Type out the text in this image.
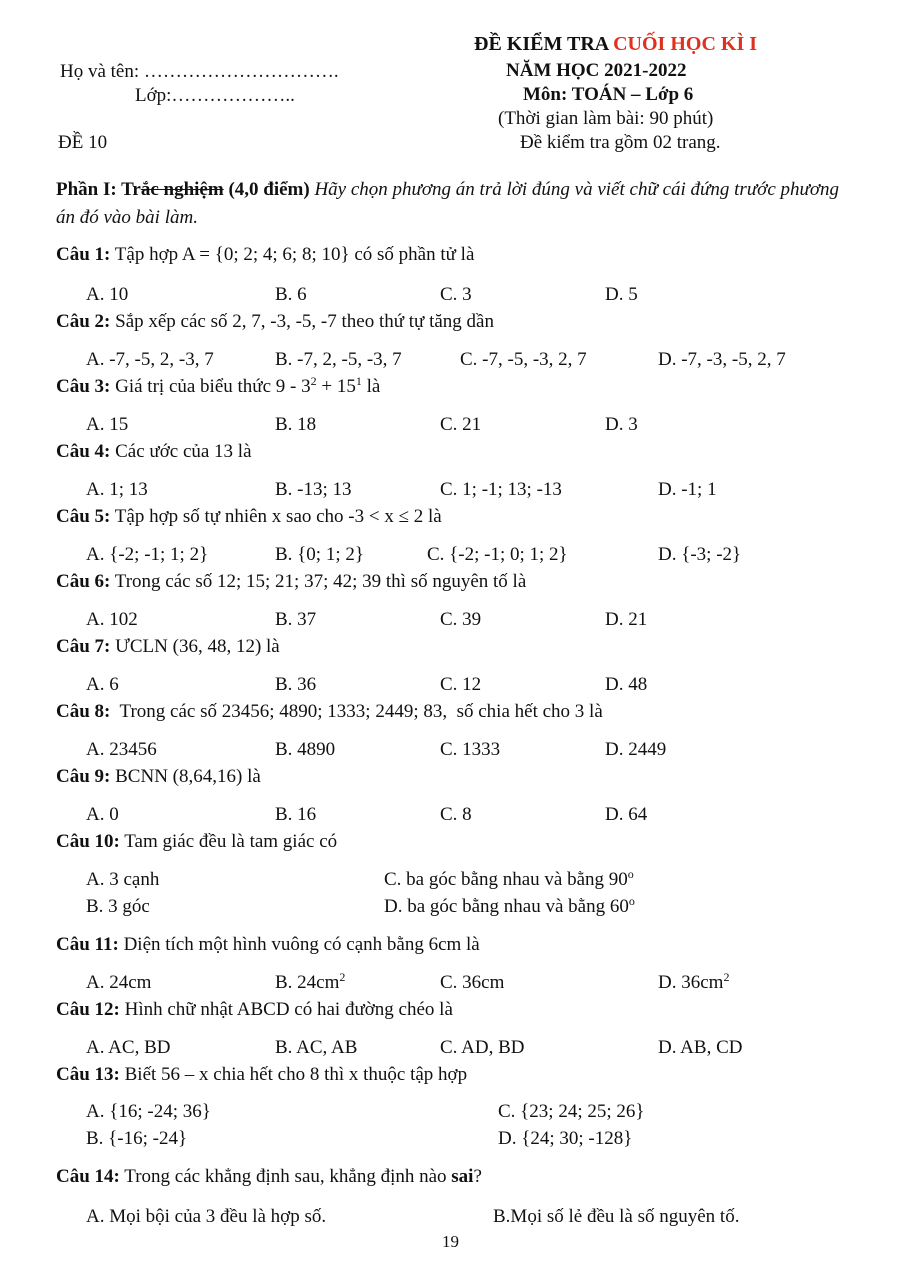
ĐỀ KIỂM TRA CUỐI HỌC KÌ I
Họ và tên: ………………………….	NĂM HỌC 2021-2022
Lớp:………………..	Môn: TOÁN – Lớp 6
(Thời gian làm bài: 90 phút)
ĐỀ 10	Đề kiểm tra gồm 02 trang.
Phần I: Trắc nghiệm (4,0 điểm) Hãy chọn phương án trả lời đúng và viết chữ cái đứng trước phương án đó vào bài làm.
Câu 1: Tập hợp A = {0; 2; 4; 6; 8; 10} có số phần tử là
A. 10	B. 6	C. 3	D. 5
Câu 2: Sắp xếp các số 2, 7, -3, -5, -7 theo thứ tự tăng dần
A. -7, -5, 2, -3, 7	B. -7, 2, -5, -3, 7	C. -7, -5, -3, 2, 7	D. -7, -3, -5, 2, 7
Câu 3: Giá trị của biểu thức $9 - 3^2 + 15^1$ là
A. 15	B. 18	C. 21	D. 3
Câu 4: Các ước của 13 là
A. 1; 13	B. -13; 13	C. 1; -1; 13; -13	D. -1; 1
Câu 5: Tập hợp số tự nhiên x sao cho -3 < x ≤ 2 là
A. {-2; -1; 1; 2}	B. {0; 1; 2}	C. {-2; -1; 0; 1; 2}	D. {-3; -2}
Câu 6: Trong các số 12; 15; 21; 37; 42; 39 thì số nguyên tố là
A. 102	B. 37	C. 39	D. 21
Câu 7: ƯCLN (36, 48, 12) là
A. 6	B. 36	C. 12	D. 48
Câu 8:  Trong các số 23456; 4890; 1333; 2449; 83,  số chia hết cho 3 là
A. 23456	B. 4890	C. 1333	D. 2449
Câu 9: BCNN (8,64,16) là
A. 0	B. 16	C. 8	D. 64
Câu 10: Tam giác đều là tam giác có
A. 3 cạnh	C. ba góc bằng nhau và bằng 90$^o$
B. 3 góc	D. ba góc bằng nhau và bằng 60$^o$
Câu 11: Diện tích một hình vuông có cạnh bằng 6cm là
A. 24cm	B. $24cm^2$	C. 36cm	D. $36cm^2$
Câu 12: Hình chữ nhật ABCD có hai đường chéo là
A. AC, BD	B. AC, AB	C. AD, BD	D. AB, CD
Câu 13: Biết 56 – x chia hết cho 8 thì x thuộc tập hợp
A. {16; -24; 36}	C. {23; 24; 25; 26}
B. {-16; -24}	D. {24; 30; -128}
Câu 14: Trong các khẳng định sau, khẳng định nào sai?
A. Mọi bội của 3 đều là hợp số.	B.Mọi số lẻ đều là số nguyên tố.
19
